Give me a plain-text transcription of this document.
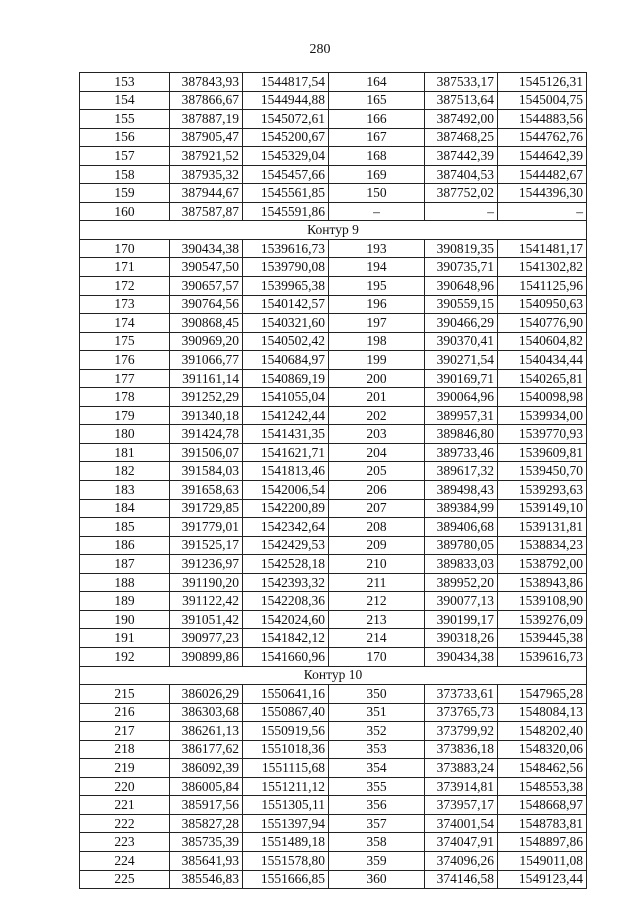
280
153	387843,93	1544817,54	164	387533,17	1545126,31
154	387866,67	1544944,88	165	387513,64	1545004,75
155	387887,19	1545072,61	166	387492,00	1544883,56
156	387905,47	1545200,67	167	387468,25	1544762,76
157	387921,52	1545329,04	168	387442,39	1544642,39
158	387935,32	1545457,66	169	387404,53	1544482,67
159	387944,67	1545561,85	150	387752,02	1544396,30
160	387587,87	1545591,86	–	–	–
Контур 9					
170	390434,38	1539616,73	193	390819,35	1541481,17
171	390547,50	1539790,08	194	390735,71	1541302,82
172	390657,57	1539965,38	195	390648,96	1541125,96
173	390764,56	1540142,57	196	390559,15	1540950,63
174	390868,45	1540321,60	197	390466,29	1540776,90
175	390969,20	1540502,42	198	390370,41	1540604,82
176	391066,77	1540684,97	199	390271,54	1540434,44
177	391161,14	1540869,19	200	390169,71	1540265,81
178	391252,29	1541055,04	201	390064,96	1540098,98
179	391340,18	1541242,44	202	389957,31	1539934,00
180	391424,78	1541431,35	203	389846,80	1539770,93
181	391506,07	1541621,71	204	389733,46	1539609,81
182	391584,03	1541813,46	205	389617,32	1539450,70
183	391658,63	1542006,54	206	389498,43	1539293,63
184	391729,85	1542200,89	207	389384,99	1539149,10
185	391779,01	1542342,64	208	389406,68	1539131,81
186	391525,17	1542429,53	209	389780,05	1538834,23
187	391236,97	1542528,18	210	389833,03	1538792,00
188	391190,20	1542393,32	211	389952,20	1538943,86
189	391122,42	1542208,36	212	390077,13	1539108,90
190	391051,42	1542024,60	213	390199,17	1539276,09
191	390977,23	1541842,12	214	390318,26	1539445,38
192	390899,86	1541660,96	170	390434,38	1539616,73
Контур 10					
215	386026,29	1550641,16	350	373733,61	1547965,28
216	386303,68	1550867,40	351	373765,73	1548084,13
217	386261,13	1550919,56	352	373799,92	1548202,40
218	386177,62	1551018,36	353	373836,18	1548320,06
219	386092,39	1551115,68	354	373883,24	1548462,56
220	386005,84	1551211,12	355	373914,81	1548553,38
221	385917,56	1551305,11	356	373957,17	1548668,97
222	385827,28	1551397,94	357	374001,54	1548783,81
223	385735,39	1551489,18	358	374047,91	1548897,86
224	385641,93	1551578,80	359	374096,26	1549011,08
225	385546,83	1551666,85	360	374146,58	1549123,44
